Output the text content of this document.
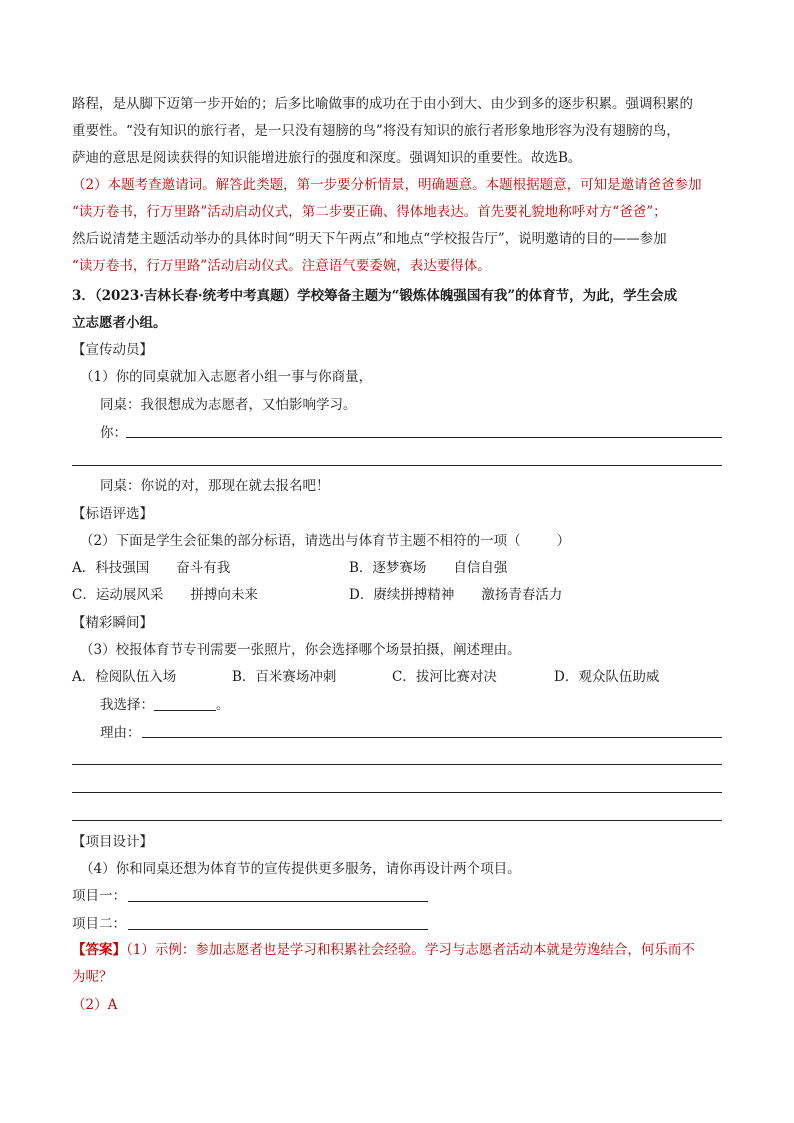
路程，是从脚下迈第一步开始的；后多比喻做事的成功在于由小到大、由少到多的逐步积累。强调积累的
重要性。“没有知识的旅行者，是一只没有翅膀的鸟”将没有知识的旅行者形象地形容为没有翅膀的鸟，
萨迪的意思是阅读获得的知识能增进旅行的强度和深度。强调知识的重要性。故选B。
（2）本题考查邀请词。解答此类题，第一步要分析情景，明确题意。本题根据题意，可知是邀请爸爸参加
“读万卷书，行万里路”活动启动仪式，第二步要正确、得体地表达。首先要礼貌地称呼对方“爸爸”；
然后说清楚主题活动举办的具体时间“明天下午两点”和地点“学校报告厅”，说明邀请的目的——参加
“读万卷书，行万里路”活动启动仪式。注意语气要委婉，表达要得体。
3．（2023·吉林长春·统考中考真题）学校筹备主题为“锻炼体魄强国有我”的体育节，为此，学生会成
立志愿者小组。
【宣传动员】
（1）你的同桌就加入志愿者小组一事与你商量，
同桌：我很想成为志愿者，又怕影响学习。
你：
同桌：你说的对，那现在就去报名吧！
【标语评选】
（2）下面是学生会征集的部分标语，请选出与体育节主题不相符的一项（	）
A．科技强国　　奋斗有我	B．逐梦赛场　　自信自强
C．运动展风采　　拼搏向未来	D．赓续拼搏精神　　激扬青春活力
【精彩瞬间】
（3）校报体育节专刊需要一张照片，你会选择哪个场景拍摄，阐述理由。
A．检阅队伍入场	B．百米赛场冲刺	C．拔河比赛对决	D．观众队伍助威
我选择：	。
理由：
【项目设计】
（4）你和同桌还想为体育节的宣传提供更多服务，请你再设计两个项目。
项目一：
项目二：
【答案】（1）示例：参加志愿者也是学习和积累社会经验。学习与志愿者活动本就是劳逸结合，何乐而不
为呢？
（2）A
